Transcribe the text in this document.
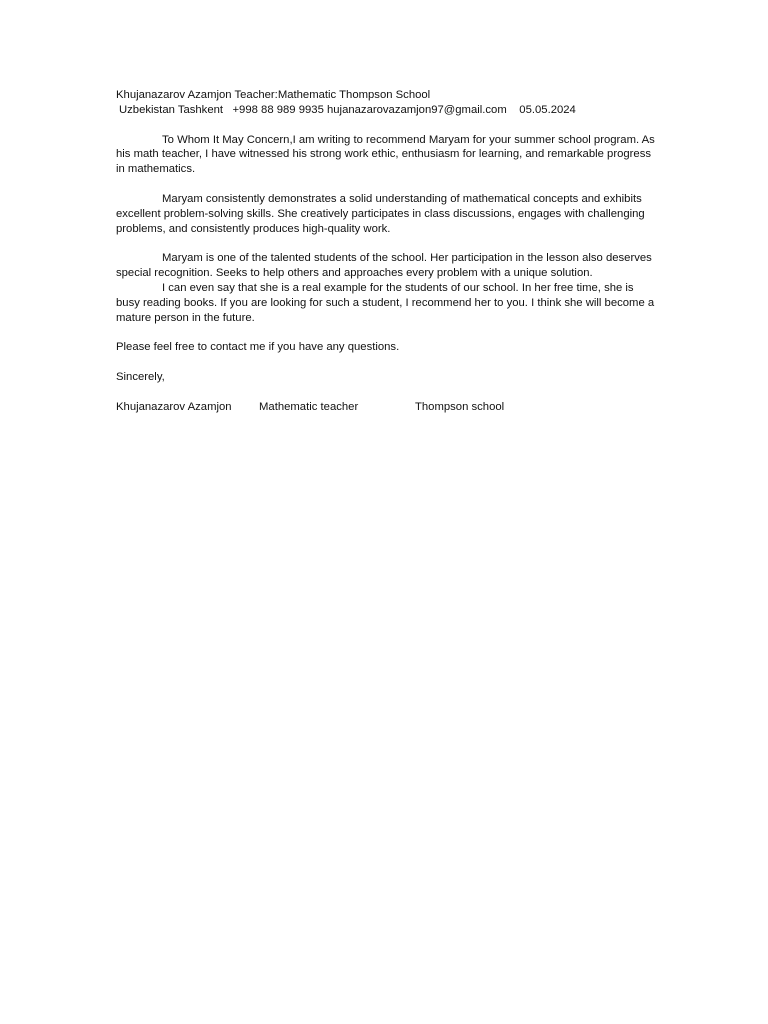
Khujanazarov Azamjon Teacher:Mathematic Thompson School

Uzbekistan Tashkent   +998 88 989 9935 hujanazarovazamjon97@gmail.com    05.05.2024

To Whom It May Concern,I am writing to recommend Maryam for your summer school program. As his math teacher, I have witnessed his strong work ethic, enthusiasm for learning, and remarkable progress in mathematics.

Maryam consistently demonstrates a solid understanding of mathematical concepts and exhibits excellent problem-solving skills. She creatively participates in class discussions, engages with challenging problems, and consistently produces high-quality work.

Maryam is one of the talented students of the school. Her participation in the lesson also deserves special recognition. Seeks to help others and approaches every problem with a unique solution.

I can even say that she is a real example for the students of our school. In her free time, she is busy reading books. If you are looking for such a student, I recommend her to you. I think she will become a mature person in the future.

Please feel free to contact me if you have any questions.

Sincerely,

Khujanazarov Azamjon	Mathematic teacher	Thompson school
